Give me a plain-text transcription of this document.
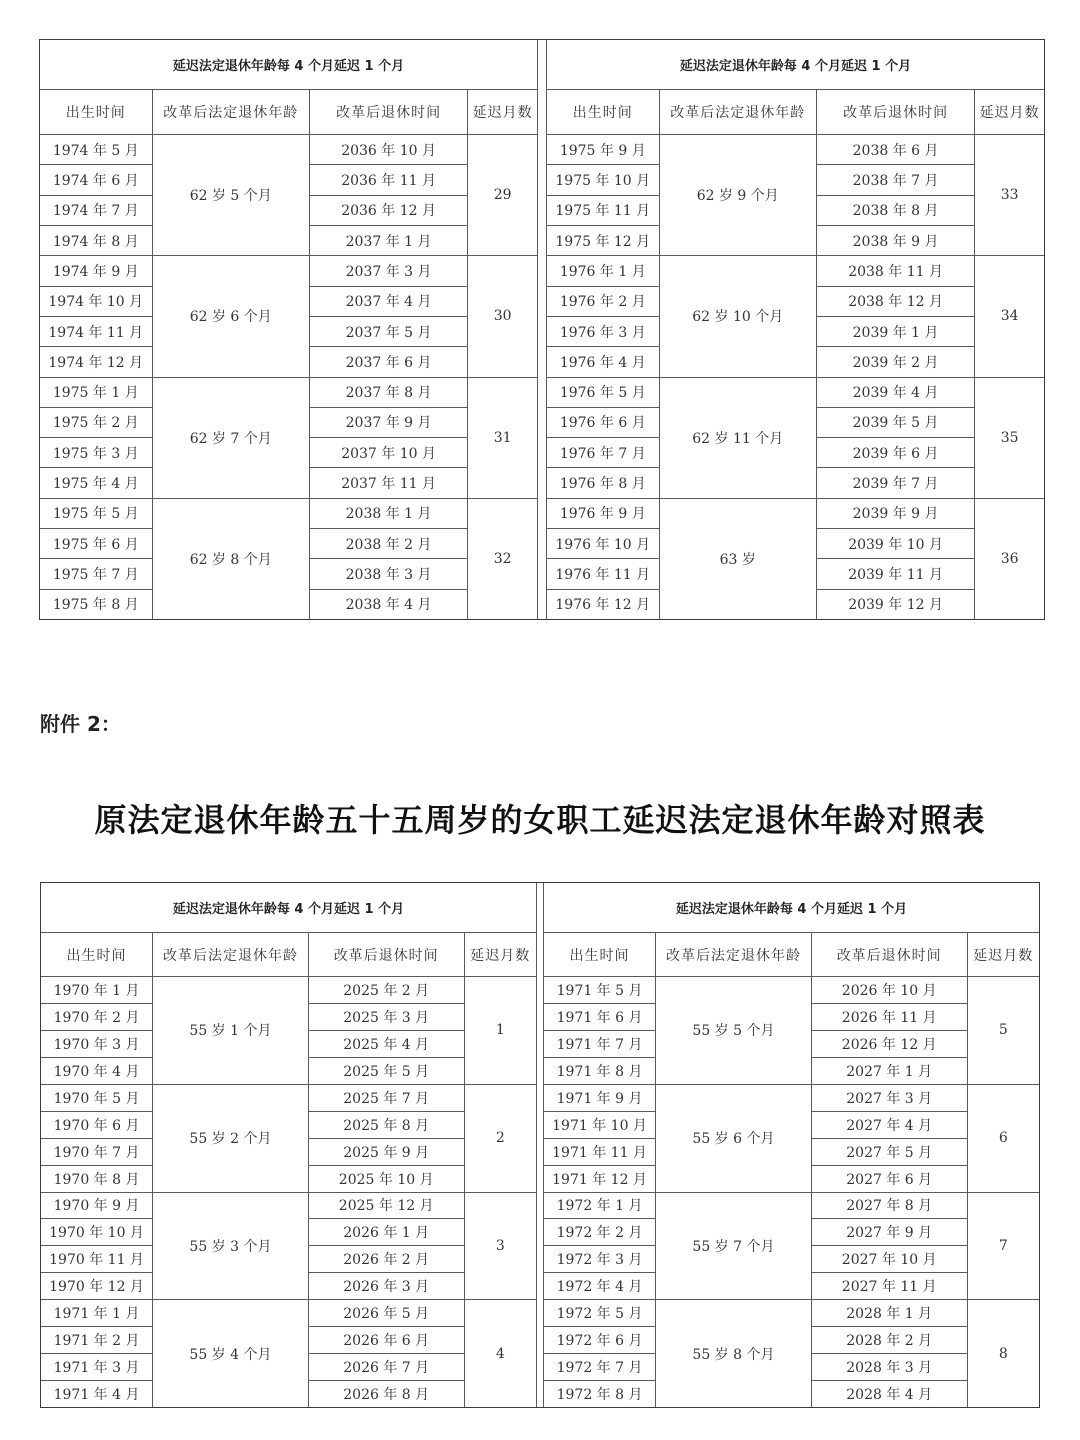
延迟法定退休年龄每 4 个月延迟 1 个月			
出生时间	改革后法定退休年龄	改革后退休时间	延迟月数
1974 年 5 月	62 岁 5 个月	2036 年 10 月	29
1974 年 6 月		2036 年 11 月	
1974 年 7 月		2036 年 12 月	
1974 年 8 月		2037 年 1 月	
1974 年 9 月	62 岁 6 个月	2037 年 3 月	30
1974 年 10 月		2037 年 4 月	
1974 年 11 月		2037 年 5 月	
1974 年 12 月		2037 年 6 月	
1975 年 1 月	62 岁 7 个月	2037 年 8 月	31
1975 年 2 月		2037 年 9 月	
1975 年 3 月		2037 年 10 月	
1975 年 4 月		2037 年 11 月	
1975 年 5 月	62 岁 8 个月	2038 年 1 月	32
1975 年 6 月		2038 年 2 月	
1975 年 7 月		2038 年 3 月	
1975 年 8 月		2038 年 4 月	
延迟法定退休年龄每 4 个月延迟 1 个月			
出生时间	改革后法定退休年龄	改革后退休时间	延迟月数
1975 年 9 月	62 岁 9 个月	2038 年 6 月	33
1975 年 10 月		2038 年 7 月	
1975 年 11 月		2038 年 8 月	
1975 年 12 月		2038 年 9 月	
1976 年 1 月	62 岁 10 个月	2038 年 11 月	34
1976 年 2 月		2038 年 12 月	
1976 年 3 月		2039 年 1 月	
1976 年 4 月		2039 年 2 月	
1976 年 5 月	62 岁 11 个月	2039 年 4 月	35
1976 年 6 月		2039 年 5 月	
1976 年 7 月		2039 年 6 月	
1976 年 8 月		2039 年 7 月	
1976 年 9 月	63 岁	2039 年 9 月	36
1976 年 10 月		2039 年 10 月	
1976 年 11 月		2039 年 11 月	
1976 年 12 月		2039 年 12 月	
附件 2：
原法定退休年龄五十五周岁的女职工延迟法定退休年龄对照表
延迟法定退休年龄每 4 个月延迟 1 个月			
出生时间	改革后法定退休年龄	改革后退休时间	延迟月数
1970 年 1 月	55 岁 1 个月	2025 年 2 月	1
1970 年 2 月		2025 年 3 月	
1970 年 3 月		2025 年 4 月	
1970 年 4 月		2025 年 5 月	
1970 年 5 月	55 岁 2 个月	2025 年 7 月	2
1970 年 6 月		2025 年 8 月	
1970 年 7 月		2025 年 9 月	
1970 年 8 月		2025 年 10 月	
1970 年 9 月	55 岁 3 个月	2025 年 12 月	3
1970 年 10 月		2026 年 1 月	
1970 年 11 月		2026 年 2 月	
1970 年 12 月		2026 年 3 月	
1971 年 1 月	55 岁 4 个月	2026 年 5 月	4
1971 年 2 月		2026 年 6 月	
1971 年 3 月		2026 年 7 月	
1971 年 4 月		2026 年 8 月	
延迟法定退休年龄每 4 个月延迟 1 个月			
出生时间	改革后法定退休年龄	改革后退休时间	延迟月数
1971 年 5 月	55 岁 5 个月	2026 年 10 月	5
1971 年 6 月		2026 年 11 月	
1971 年 7 月		2026 年 12 月	
1971 年 8 月		2027 年 1 月	
1971 年 9 月	55 岁 6 个月	2027 年 3 月	6
1971 年 10 月		2027 年 4 月	
1971 年 11 月		2027 年 5 月	
1971 年 12 月		2027 年 6 月	
1972 年 1 月	55 岁 7 个月	2027 年 8 月	7
1972 年 2 月		2027 年 9 月	
1972 年 3 月		2027 年 10 月	
1972 年 4 月		2027 年 11 月	
1972 年 5 月	55 岁 8 个月	2028 年 1 月	8
1972 年 6 月		2028 年 2 月	
1972 年 7 月		2028 年 3 月	
1972 年 8 月		2028 年 4 月	
